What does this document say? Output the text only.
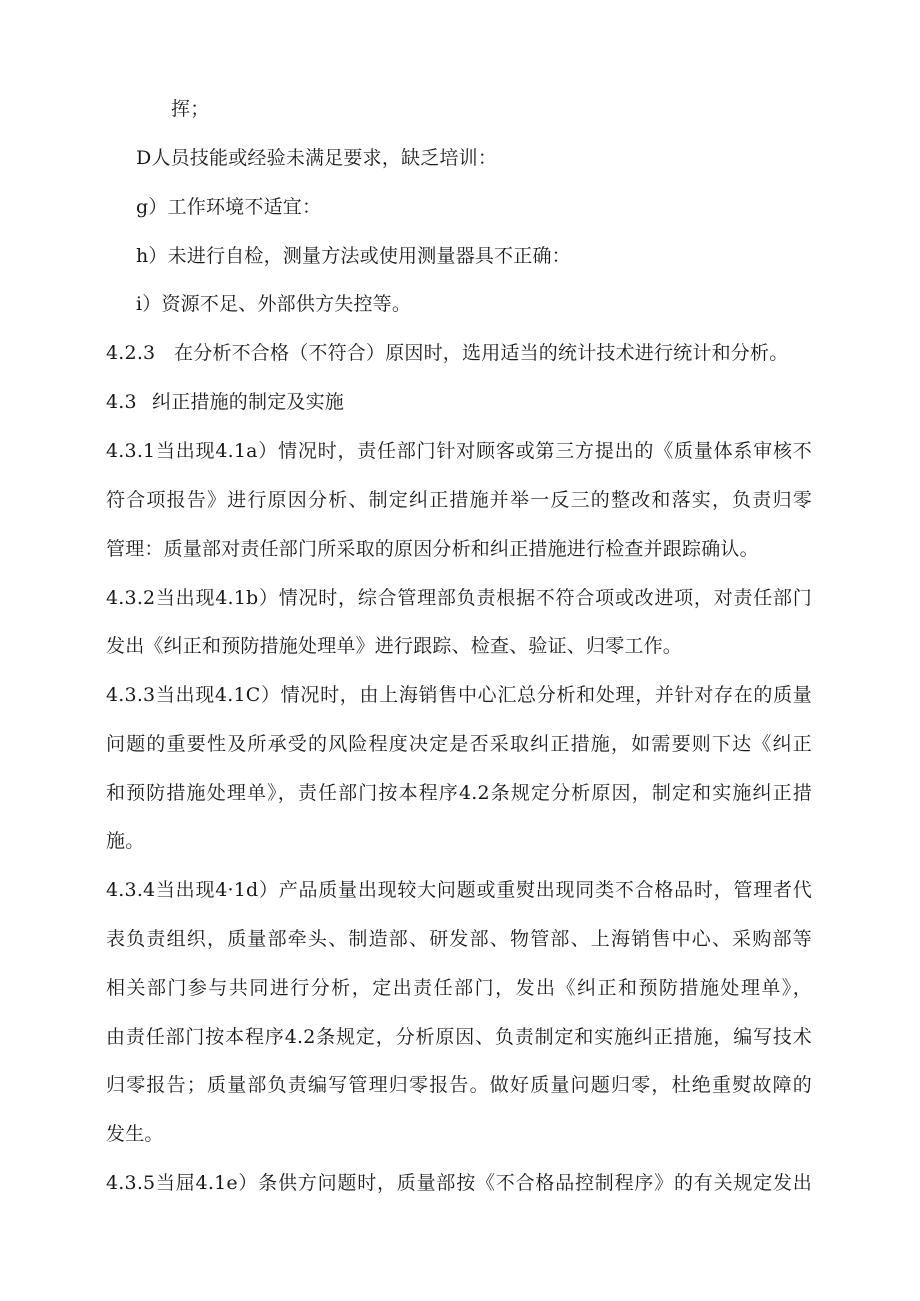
挥；
D人员技能或经验未满足要求，缺乏培训：
g）工作环境不适宜：
h）未进行自检，测量方法或使用测量器具不正确：
i）资源不足、外部供方失控等。
4.2.3 在分析不合格（不符合）原因时，选用适当的统计技术进行统计和分析。
4.3 纠正措施的制定及实施
4.3.1当出现4.1a）情况时，责任部门针对顾客或第三方提出的《质量体系审核不
符合项报告》进行原因分析、制定纠正措施并举一反三的整改和落实，负责归零
管理：质量部对责任部门所采取的原因分析和纠正措施进行检查并跟踪确认。
4.3.2当出现4.1b）情况时，综合管理部负责根据不符合项或改进项，对责任部门
发出《纠正和预防措施处理单》进行跟踪、检查、验证、归零工作。
4.3.3当出现4.1C）情况时，由上海销售中心汇总分析和处理，并针对存在的质量
问题的重要性及所承受的风险程度决定是否采取纠正措施，如需要则下达《纠正
和预防措施处理单》，责任部门按本程序4.2条规定分析原因，制定和实施纠正措
施。
4.3.4当出现4·1d）产品质量出现较大问题或重熨出现同类不合格品时，管理者代
表负责组织，质量部牵头、制造部、研发部、物管部、上海销售中心、采购部等
相关部门参与共同进行分析，定出责任部门，发出《纠正和预防措施处理单》，
由责任部门按本程序4.2条规定，分析原因、负责制定和实施纠正措施，编写技术
归零报告；质量部负责编写管理归零报告。做好质量问题归零，杜绝重熨故障的
发生。
4.3.5当屈4.1e）条供方问题时，质量部按《不合格品控制程序》的有关规定发出
